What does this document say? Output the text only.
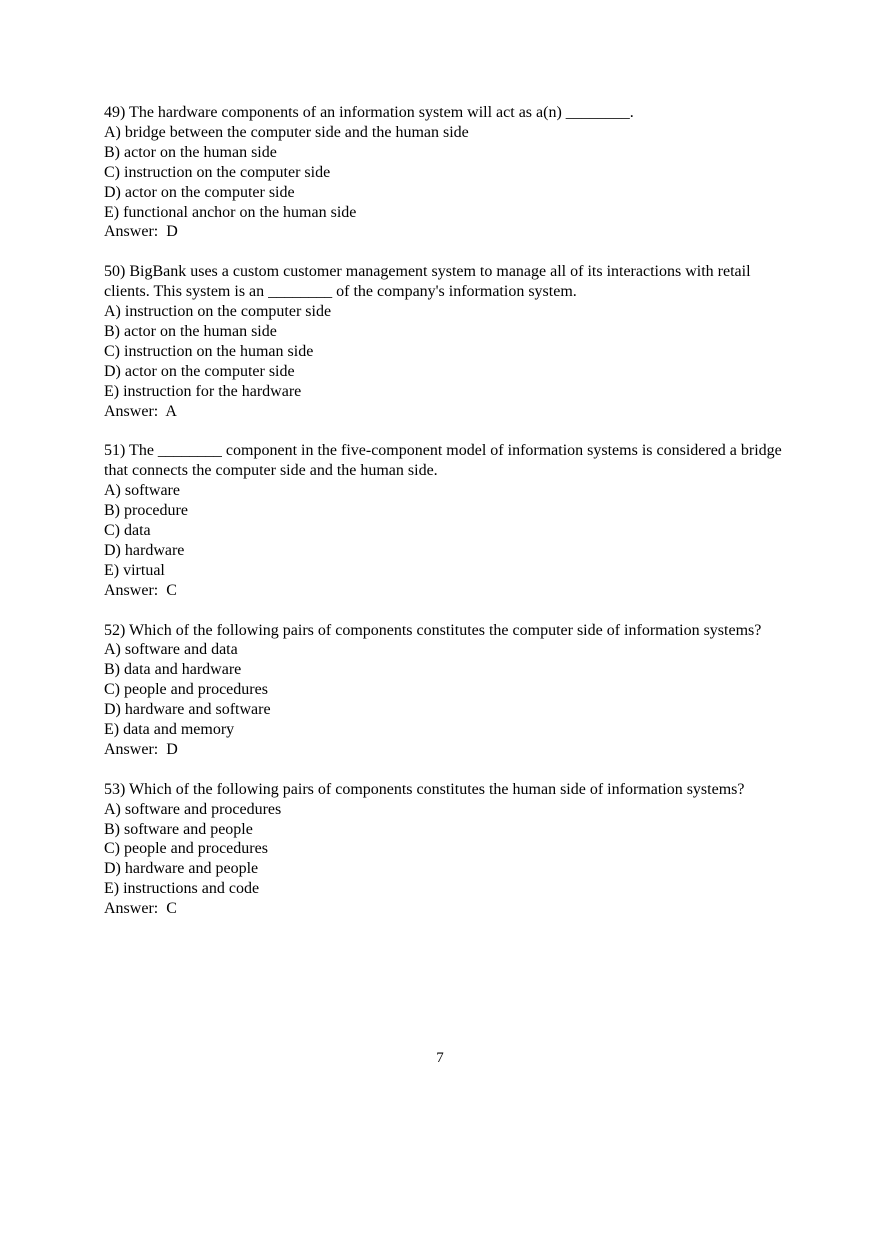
49) The hardware components of an information system will act as a(n) ________.

A) bridge between the computer side and the human side

B) actor on the human side

C) instruction on the computer side

D) actor on the computer side

E) functional anchor on the human side

Answer:  D

50) BigBank uses a custom customer management system to manage all of its interactions with retail clients. This system is an ________ of the company's information system.

A) instruction on the computer side

B) actor on the human side

C) instruction on the human side

D) actor on the computer side

E) instruction for the hardware

Answer:  A

51) The ________ component in the five-component model of information systems is considered a bridge that connects the computer side and the human side.

A) software

B) procedure

C) data

D) hardware

E) virtual

Answer:  C

52) Which of the following pairs of components constitutes the computer side of information systems?

A) software and data

B) data and hardware

C) people and procedures

D) hardware and software

E) data and memory

Answer:  D

53) Which of the following pairs of components constitutes the human side of information systems?

A) software and procedures

B) software and people

C) people and procedures

D) hardware and people

E) instructions and code

Answer:  C

7
